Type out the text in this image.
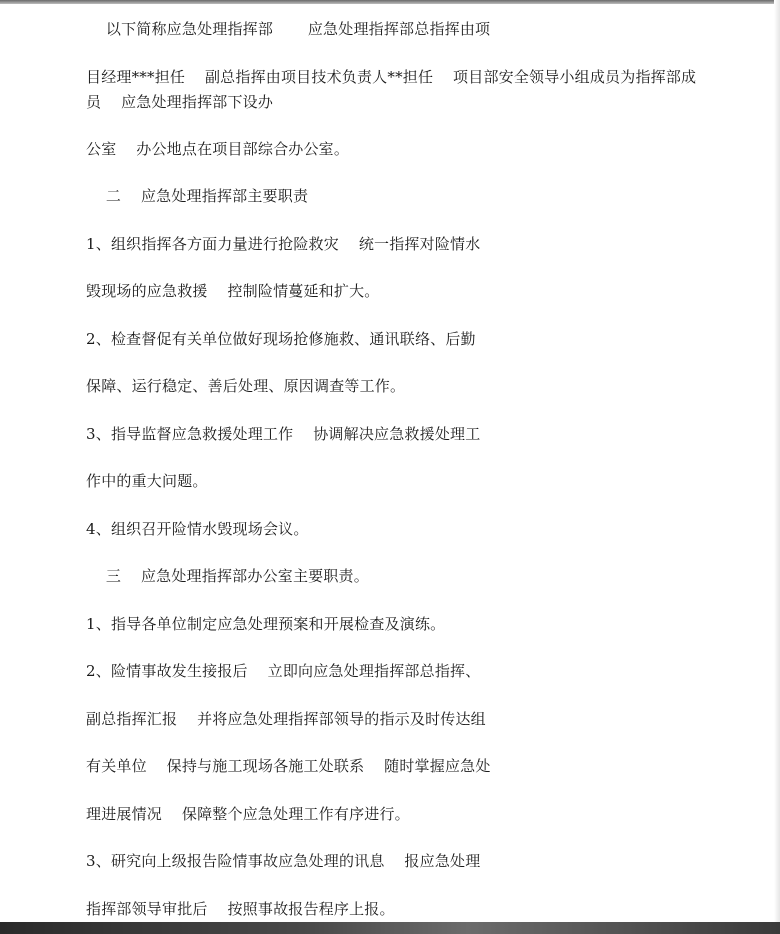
以下简称应急处理指挥部       应急处理指挥部总指挥由项
目经理***担任    副总指挥由项目技术负责人**担任    项目部安全领导小组成员为指挥部成
员    应急处理指挥部下设办
公室    办公地点在项目部综合办公室。
二    应急处理指挥部主要职责
1、组织指挥各方面力量进行抢险救灾    统一指挥对险情水
毁现场的应急救援    控制险情蔓延和扩大。
2、检查督促有关单位做好现场抢修施救、通讯联络、后勤
保障、运行稳定、善后处理、原因调查等工作。
3、指导监督应急救援处理工作    协调解决应急救援处理工
作中的重大问题。
4、组织召开险情水毁现场会议。
三    应急处理指挥部办公室主要职责。
1、指导各单位制定应急处理预案和开展检查及演练。
2、险情事故发生接报后    立即向应急处理指挥部总指挥、
副总指挥汇报    并将应急处理指挥部领导的指示及时传达组
有关单位    保持与施工现场各施工处联系    随时掌握应急处
理进展情况    保障整个应急处理工作有序进行。
3、研究向上级报告险情事故应急处理的讯息    报应急处理
指挥部领导审批后    按照事故报告程序上报。
